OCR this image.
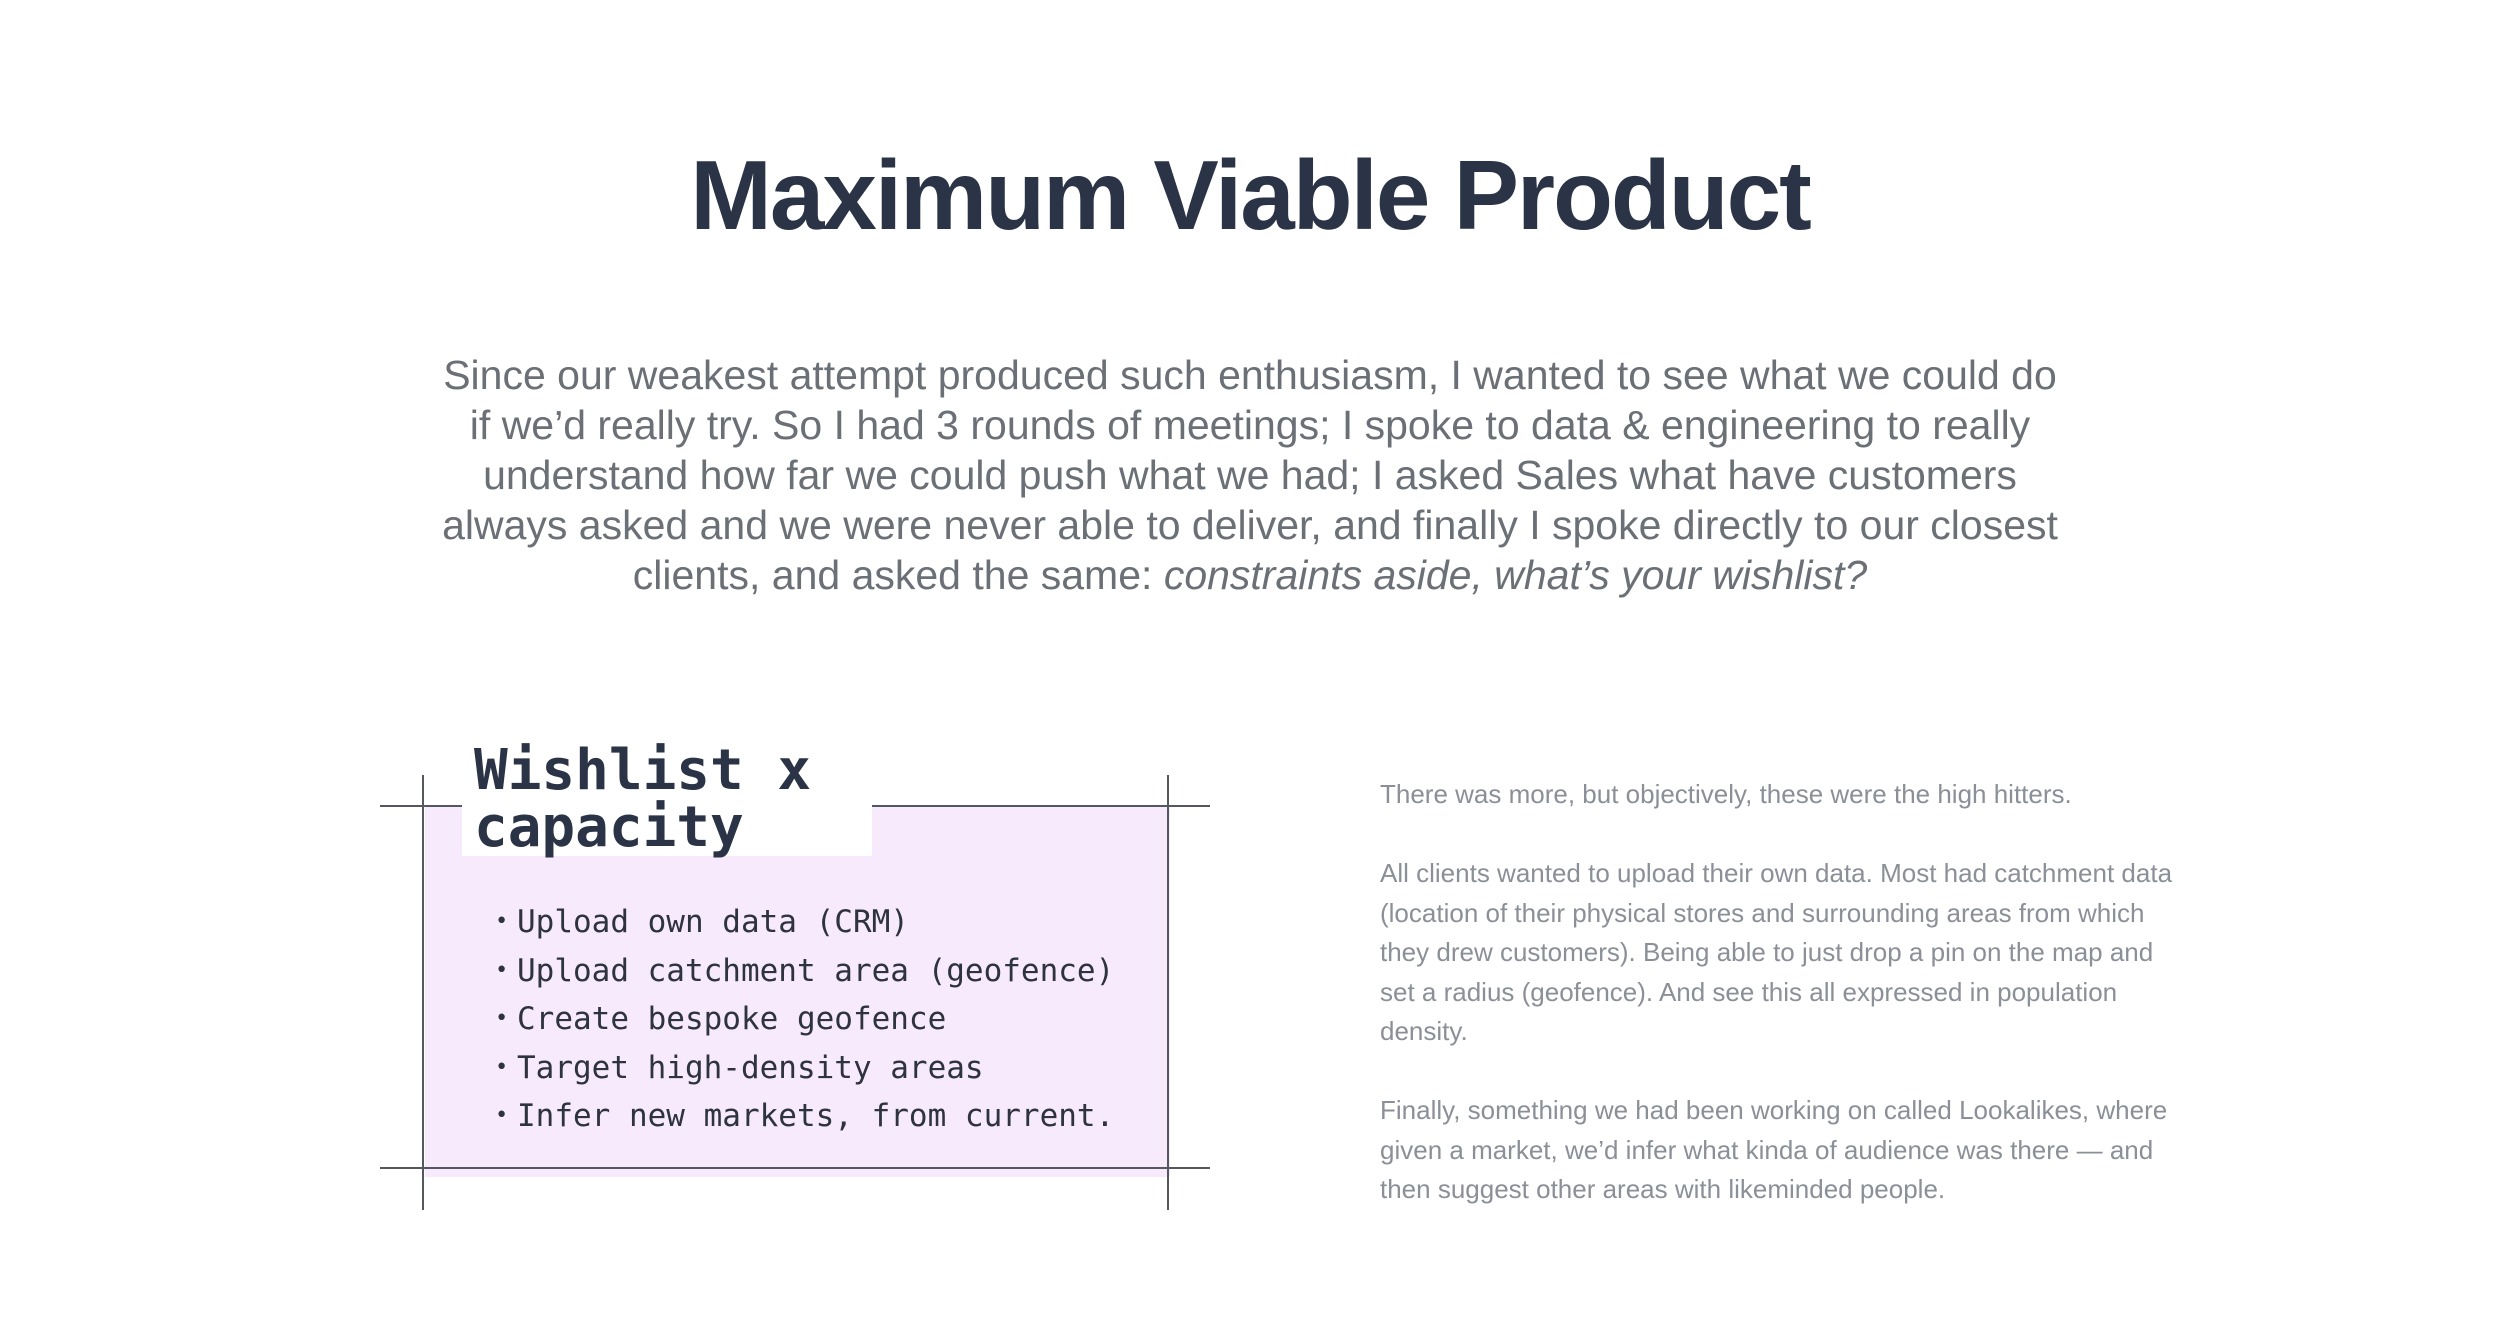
Maximum Viable Product

Since our weakest attempt produced such enthusiasm, I wanted to see what we could do if we’d really try. So I had 3 rounds of meetings; I spoke to data & engineering to really understand how far we could push what we had; I asked Sales what have customers always asked and we were never able to deliver, and finally I spoke directly to our closest clients, and asked the same: constraints aside, what’s your wishlist?

Wishlist x capacity
• Upload own data (CRM)
• Upload catchment area (geofence)
• Create bespoke geofence
• Target high-density areas
• Infer new markets, from current.

There was more, but objectively, these were the high hitters.

All clients wanted to upload their own data. Most had catchment data (location of their physical stores and surrounding areas from which they drew customers). Being able to just drop a pin on the map and set a radius (geofence). And see this all expressed in population density.

Finally, something we had been working on called Lookalikes, where given a market, we’d infer what kinda of audience was there — and then suggest other areas with likeminded people.
